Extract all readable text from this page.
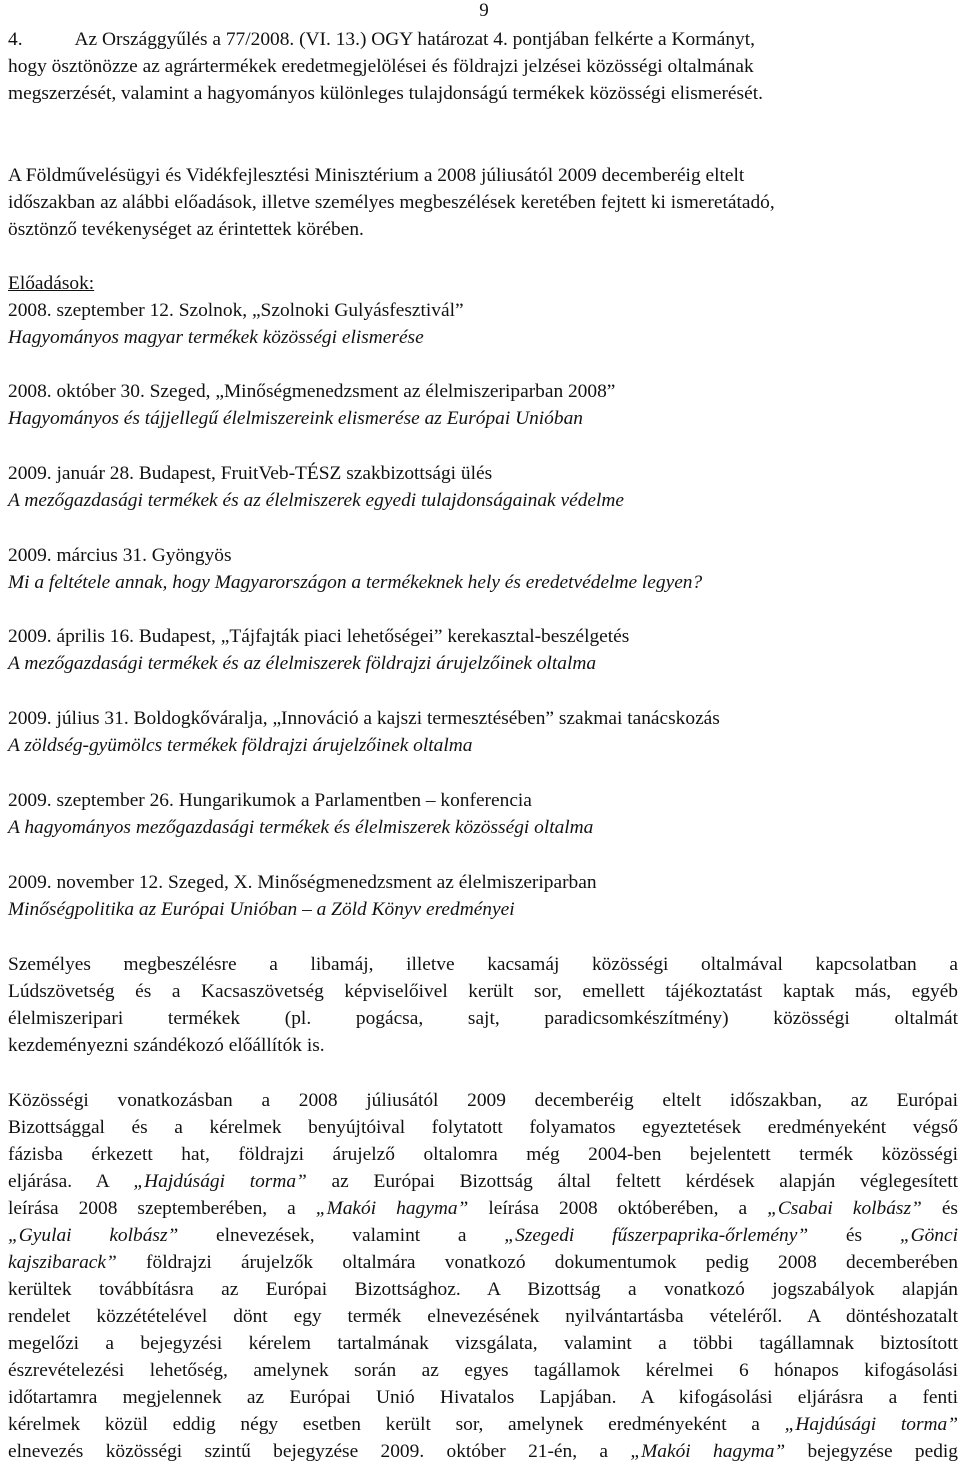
9
4.	Az Országgyűlés a 77/2008. (VI. 13.) OGY határozat 4. pontjában felkérte a Kormányt,
hogy ösztönözze az agrártermékek eredetmegjelölései és földrajzi jelzései közösségi oltalmának
megszerzését, valamint a hagyományos különleges tulajdonságú termékek közösségi elismerését.
A Földművelésügyi és Vidékfejlesztési Minisztérium a 2008 júliusától 2009 decemberéig eltelt
időszakban az alábbi előadások, illetve személyes megbeszélések keretében fejtett ki ismeretátadó,
ösztönző tevékenységet az érintettek körében.
Előadások:
2008. szeptember 12. Szolnok, „Szolnoki Gulyásfesztivál”
Hagyományos magyar termékek közösségi elismerése
2008. október 30. Szeged, „Minőségmenedzsment az élelmiszeriparban 2008”
Hagyományos és tájjellegű élelmiszereink elismerése az Európai Unióban
2009. január 28. Budapest, FruitVeb-TÉSZ szakbizottsági ülés
A mezőgazdasági termékek és az élelmiszerek egyedi tulajdonságainak védelme
2009. március 31. Gyöngyös
Mi a feltétele annak, hogy Magyarországon a termékeknek hely és eredetvédelme legyen?
2009. április 16. Budapest, „Tájfajták piaci lehetőségei” kerekasztal-beszélgetés
A mezőgazdasági termékek és az élelmiszerek földrajzi árujelzőinek oltalma
2009. július 31. Boldogkőváralja, „Innováció a kajszi termesztésében” szakmai tanácskozás
A zöldség-gyümölcs termékek földrajzi árujelzőinek oltalma
2009. szeptember 26. Hungarikumok a Parlamentben – konferencia
A hagyományos mezőgazdasági termékek és élelmiszerek közösségi oltalma
2009. november 12. Szeged, X. Minőségmenedzsment az élelmiszeriparban
Minőségpolitika az Európai Unióban – a Zöld Könyv eredményei
Személyes megbeszélésre a libamáj, illetve kacsamáj közösségi oltalmával kapcsolatban a
Lúdszövetség és a Kacsaszövetség képviselőivel került sor, emellett tájékoztatást kaptak más, egyéb
élelmiszeripari termékek (pl. pogácsa, sajt, paradicsomkészítmény) közösségi oltalmát
kezdeményezni szándékozó előállítók is.
Közösségi vonatkozásban a 2008 júliusától 2009 decemberéig eltelt időszakban, az Európai
Bizottsággal és a kérelmek benyújtóival folytatott folyamatos egyeztetések eredményeként végső
fázisba érkezett hat, földrajzi árujelző oltalomra még 2004-ben bejelentett termék közösségi
eljárása. A „Hajdúsági torma” az Európai Bizottság által feltett kérdések alapján véglegesített
leírása 2008 szeptemberében, a „Makói hagyma” leírása 2008 októberében, a „Csabai kolbász” és
„Gyulai kolbász” elnevezések, valamint a „Szegedi fűszerpaprika-őrlemény” és „Gönci
kajszibarack” földrajzi árujelzők oltalmára vonatkozó dokumentumok pedig 2008 decemberében
kerültek továbbításra az Európai Bizottsághoz. A Bizottság a vonatkozó jogszabályok alapján
rendelet közzétételével dönt egy termék elnevezésének nyilvántartásba vételéről. A döntéshozatalt
megelőzi a bejegyzési kérelem tartalmának vizsgálata, valamint a többi tagállamnak biztosított
észrevételezési lehetőség, amelynek során az egyes tagállamok kérelmei 6 hónapos kifogásolási
időtartamra megjelennek az Európai Unió Hivatalos Lapjában. A kifogásolási eljárásra a fenti
kérelmek közül eddig négy esetben került sor, amelynek eredményeként a „Hajdúsági torma”
elnevezés közösségi szintű bejegyzése 2009. október 21-én, a „Makói hagyma” bejegyzése pedig
